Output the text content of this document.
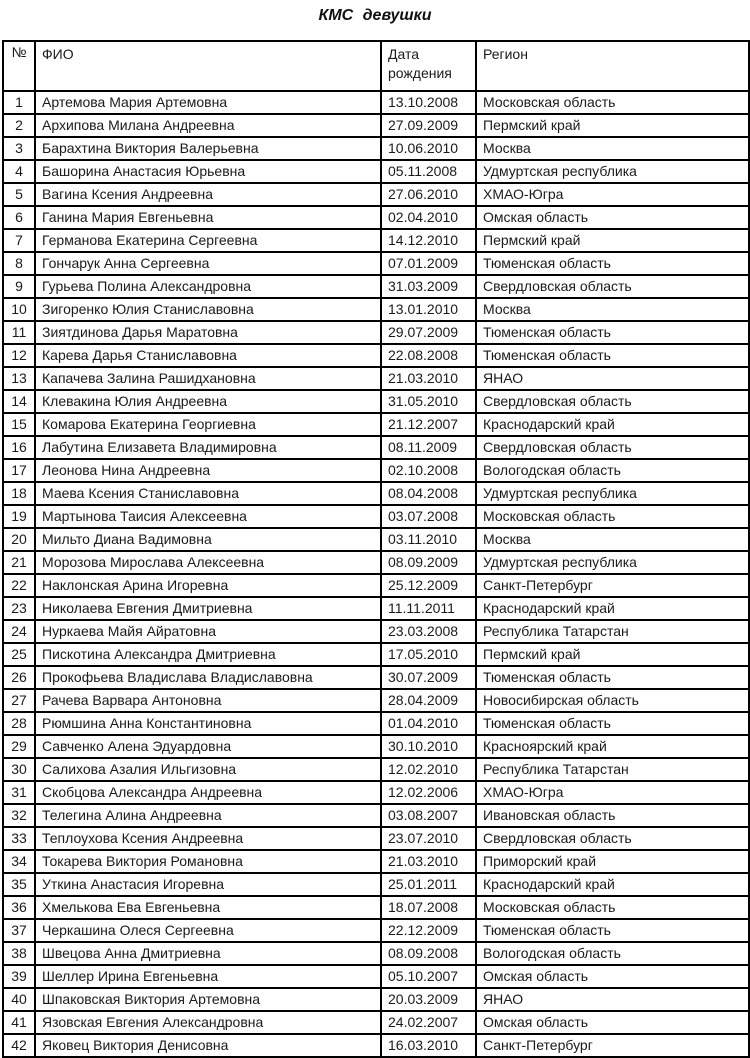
КМС девушки
№	ФИО	Дата рождения	Регион
1	Артемова Мария Артемовна	13.10.2008	Московская область
2	Архипова Милана Андреевна	27.09.2009	Пермский край
3	Барахтина Виктория Валерьевна	10.06.2010	Москва
4	Башорина Анастасия Юрьевна	05.11.2008	Удмуртская республика
5	Вагина Ксения Андреевна	27.06.2010	ХМАО-Югра
6	Ганина Мария Евгеньевна	02.04.2010	Омская область
7	Германова Екатерина Сергеевна	14.12.2010	Пермский край
8	Гончарук Анна Сергеевна	07.01.2009	Тюменская область
9	Гурьева Полина Александровна	31.03.2009	Свердловская область
10	Зигоренко Юлия Станиславовна	13.01.2010	Москва
11	Зиятдинова Дарья Маратовна	29.07.2009	Тюменская область
12	Карева Дарья Станиславовна	22.08.2008	Тюменская область
13	Капачева Залина Рашидхановна	21.03.2010	ЯНАО
14	Клевакина Юлия Андреевна	31.05.2010	Свердловская область
15	Комарова Екатерина Георгиевна	21.12.2007	Краснодарский край
16	Лабутина Елизавета Владимировна	08.11.2009	Свердловская область
17	Леонова Нина Андреевна	02.10.2008	Вологодская область
18	Маева Ксения Станиславовна	08.04.2008	Удмуртская республика
19	Мартынова Таисия Алексеевна	03.07.2008	Московская область
20	Мильто Диана Вадимовна	03.11.2010	Москва
21	Морозова Мирослава Алексеевна	08.09.2009	Удмуртская республика
22	Наклонская Арина Игоревна	25.12.2009	Санкт-Петербург
23	Николаева Евгения Дмитриевна	11.11.2011	Краснодарский край
24	Нуркаева Майя Айратовна	23.03.2008	Республика Татарстан
25	Пискотина Александра Дмитриевна	17.05.2010	Пермский край
26	Прокофьева Владислава Владиславовна	30.07.2009	Тюменская область
27	Рачева Варвара Антоновна	28.04.2009	Новосибирская область
28	Рюмшина Анна Константиновна	01.04.2010	Тюменская область
29	Савченко Алена Эдуардовна	30.10.2010	Красноярский край
30	Салихова Азалия Ильгизовна	12.02.2010	Республика Татарстан
31	Скобцова Александра Андреевна	12.02.2006	ХМАО-Югра
32	Телегина Алина Андреевна	03.08.2007	Ивановская область
33	Теплоухова Ксения Андреевна	23.07.2010	Свердловская область
34	Токарева Виктория Романовна	21.03.2010	Приморский край
35	Уткина Анастасия Игоревна	25.01.2011	Краснодарский край
36	Хмелькова Ева Евгеньевна	18.07.2008	Московская область
37	Черкашина Олеся Сергеевна	22.12.2009	Тюменская область
38	Швецова Анна Дмитриевна	08.09.2008	Вологодская область
39	Шеллер Ирина Евгеньевна	05.10.2007	Омская область
40	Шпаковская Виктория Артемовна	20.03.2009	ЯНАО
41	Язовская Евгения Александровна	24.02.2007	Омская область
42	Яковец Виктория Денисовна	16.03.2010	Санкт-Петербург
